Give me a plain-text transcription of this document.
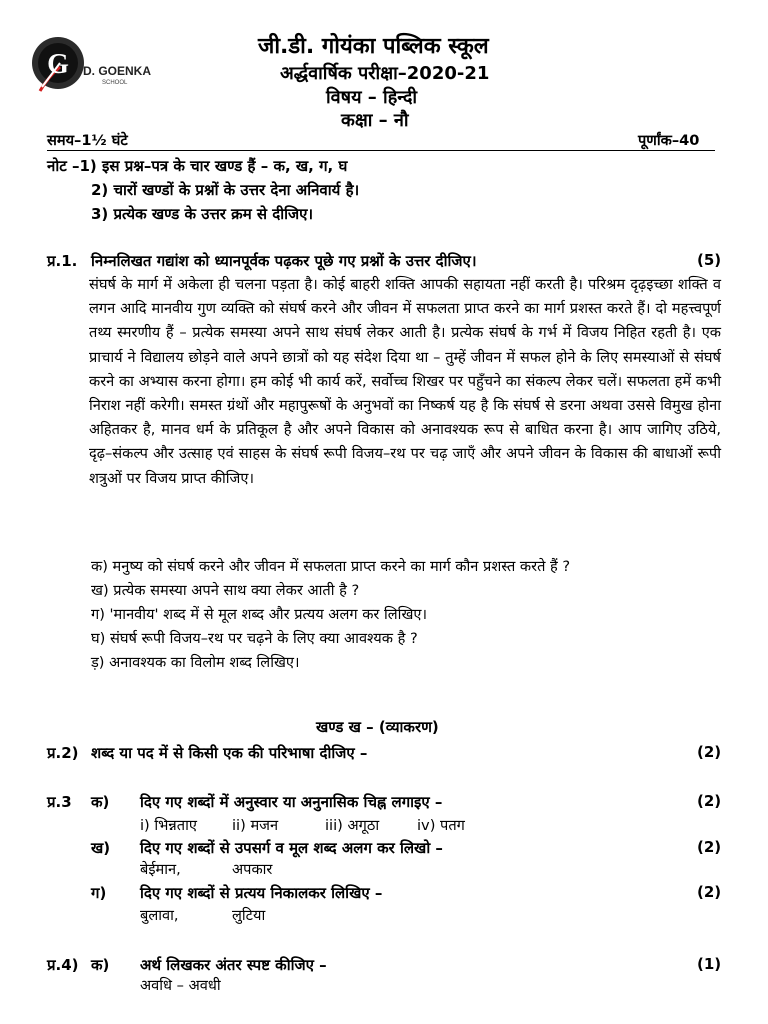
G D. GOENKA
SCHOOL
जी.डी. गोयंका पब्लिक स्कूल
अर्द्धवार्षिक परीक्षा–2020-21
विषय – हिन्दी
कक्षा – नौ
समय–1½ घंटे	पूर्णांक–40
नोट –1) इस प्रश्न–पत्र के चार खण्ड हैं – क, ख, ग, घ
2) चारों खण्डों के प्रश्नों के उत्तर देना अनिवार्य है।
3) प्रत्येक खण्ड के उत्तर क्रम से दीजिए।
प्र.1. निम्नलिखत गद्यांश को ध्यानपूर्वक पढ़कर पूछे गए प्रश्नों के उत्तर दीजिए।	(5)
संघर्ष के मार्ग में अकेला ही चलना पड़ता है। कोई बाहरी शक्ति आपकी सहायता नहीं करती है। परिश्रम दृढ़इच्छा शक्ति व लगन आदि मानवीय गुण व्यक्ति को संघर्ष करने और जीवन में सफलता प्राप्त करने का मार्ग प्रशस्त करते हैं। दो महत्त्वपूर्ण तथ्य स्मरणीय हैं – प्रत्येक समस्या अपने साथ संघर्ष लेकर आती है। प्रत्येक संघर्ष के गर्भ में विजय निहित रहती है। एक प्राचार्य ने विद्यालय छोड़ने वाले अपने छात्रों को यह संदेश दिया था – तुम्हें जीवन में सफल होने के लिए समस्याओं से संघर्ष करने का अभ्यास करना होगा। हम कोई भी कार्य करें, सर्वोच्च शिखर पर पहुँचने का संकल्प लेकर चलें। सफलता हमें कभी निराश नहीं करेगी। समस्त ग्रंथों और महापुरूषों के अनुभवों का निष्कर्ष यह है कि संघर्ष से डरना अथवा उससे विमुख होना अहितकर है, मानव धर्म के प्रतिकूल है और अपने विकास को अनावश्यक रूप से बाधित करना है। आप जागिए उठिये, दृढ़–संकल्प और उत्साह एवं साहस के संघर्ष रूपी विजय–रथ पर चढ़ जाएँ और अपने जीवन के विकास की बाधाओं रूपी शत्रुओं पर विजय प्राप्त कीजिए।
क) मनुष्य को संघर्ष करने और जीवन में सफलता प्राप्त करने का मार्ग कौन प्रशस्त करते हैं ?
ख) प्रत्येक समस्या अपने साथ क्या लेकर आती है ?
ग) 'मानवीय' शब्द में से मूल शब्द और प्रत्यय अलग कर लिखिए।
घ) संघर्ष रूपी विजय–रथ पर चढ़ने के लिए क्या आवश्यक है ?
ड़) अनावश्यक का विलोम शब्द लिखिए।
खण्ड ख – (व्याकरण)
प्र.2) शब्द या पद में से किसी एक की परिभाषा दीजिए –	(2)
प्र.3 क) दिए गए शब्दों में अनुस्वार या अनुनासिक चिह्न लगाइए –	(2)
i) भिन्नताए ii) मजन	iii) अगूठा	iv) पतग
ख) दिए गए शब्दों से उपसर्ग व मूल शब्द अलग कर लिखो –	(2)
बेईमान,	अपकार
ग) दिए गए शब्दों से प्रत्यय निकालकर लिखिए –	(2)
बुलावा,	लुटिया
प्र.4) क) अर्थ लिखकर अंतर स्पष्ट कीजिए –	(1)
अवधि – अवधी
